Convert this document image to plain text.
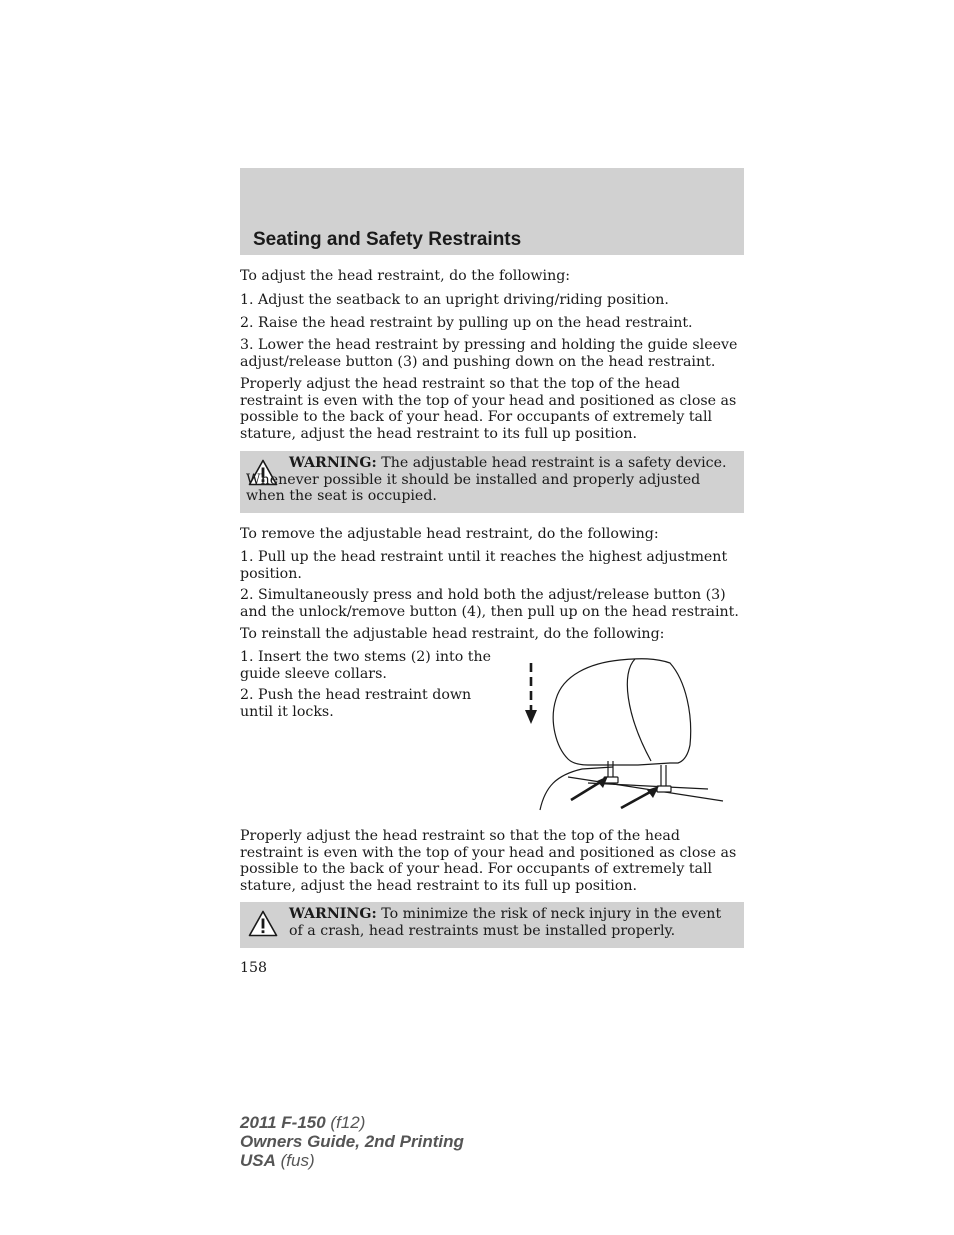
Seating and Safety Restraints

To adjust the head restraint, do the following:

1. Adjust the seatback to an upright driving/riding position.

2. Raise the head restraint by pulling up on the head restraint.

3. Lower the head restraint by pressing and holding the guide sleeve adjust/release button (3) and pushing down on the head restraint.

Properly adjust the head restraint so that the top of the head restraint is even with the top of your head and positioned as close as possible to the back of your head. For occupants of extremely tall stature, adjust the head restraint to its full up position.

WARNING: The adjustable head restraint is a safety device. Whenever possible it should be installed and properly adjusted when the seat is occupied.

To remove the adjustable head restraint, do the following:

1. Pull up the head restraint until it reaches the highest adjustment position.

2. Simultaneously press and hold both the adjust/release button (3) and the unlock/remove button (4), then pull up on the head restraint.

To reinstall the adjustable head restraint, do the following:

1. Insert the two stems (2) into the guide sleeve collars.

2. Push the head restraint down until it locks.

Properly adjust the head restraint so that the top of the head restraint is even with the top of your head and positioned as close as possible to the back of your head. For occupants of extremely tall stature, adjust the head restraint to its full up position.

WARNING: To minimize the risk of neck injury in the event of a crash, head restraints must be installed properly.

158
2011 F-150 (f12)
Owners Guide, 2nd Printing
USA (fus)
